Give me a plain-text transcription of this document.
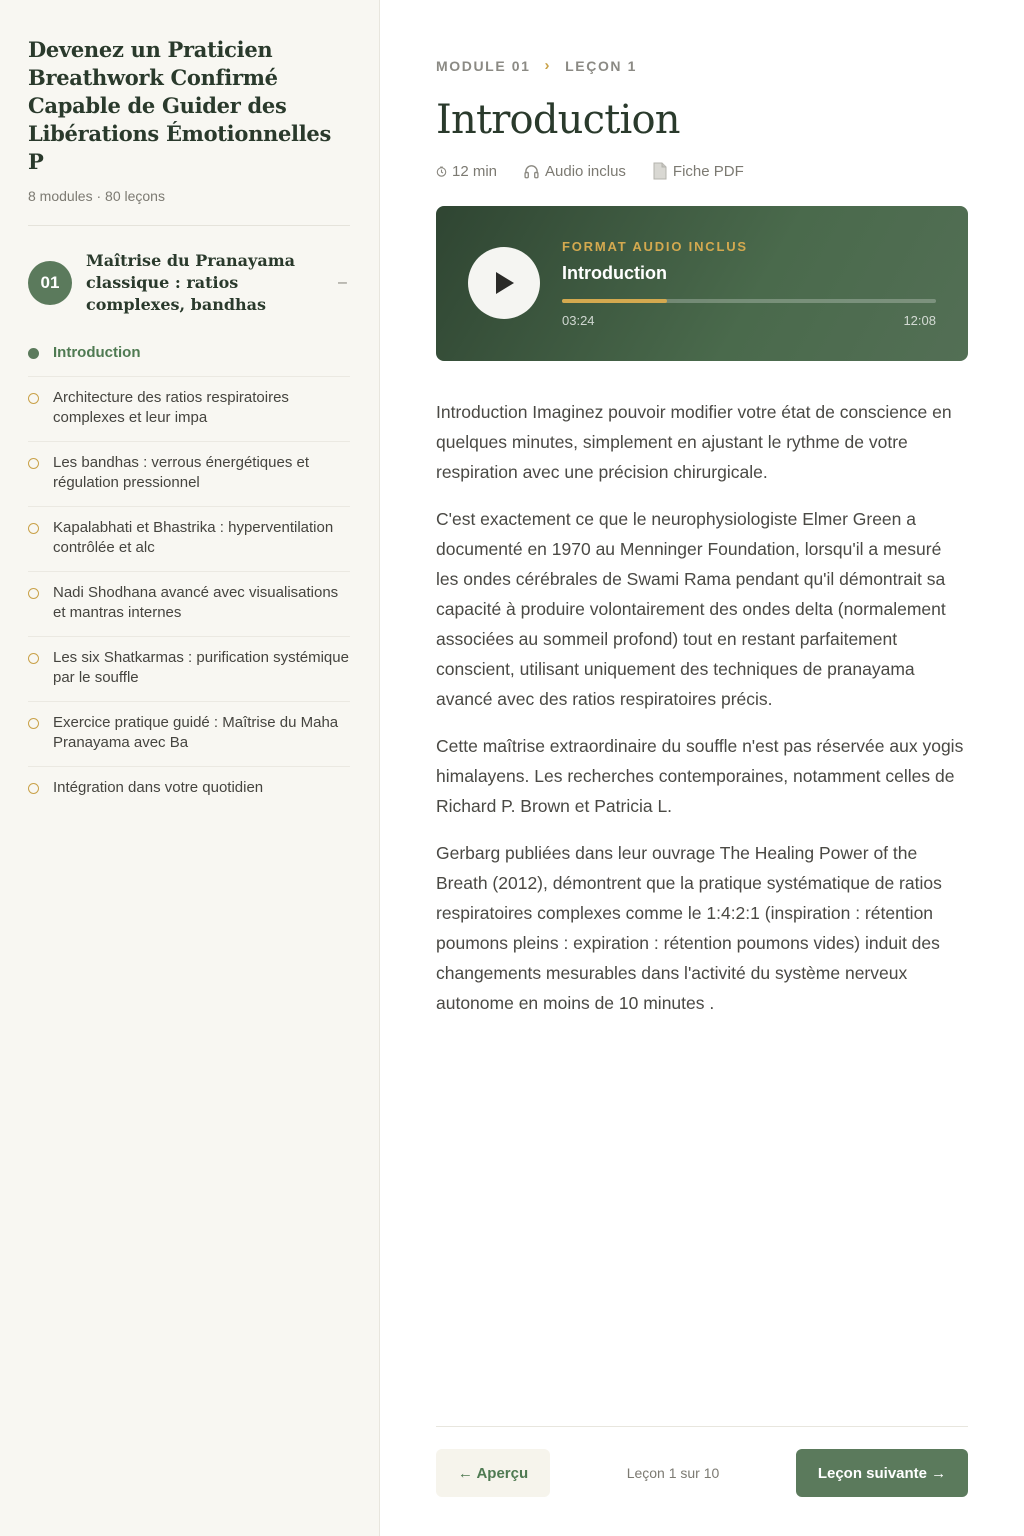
Devenez un Praticien Breathwork Confirmé Capable de Guider des Libérations Émotionnelles P
8 modules · 80 leçons
01
Maîtrise du Pranayama classique : ratios complexes, bandhas
–
Introduction
Architecture des ratios respiratoires complexes et leur impa
Les bandhas : verrous énergétiques et régulation pressionnel
Kapalabhati et Bhastrika : hyperventilation contrôlée et alc
Nadi Shodhana avancé avec visualisations et mantras internes
Les six Shatkarmas : purification systémique par le souffle
Exercice pratique guidé : Maîtrise du Maha Pranayama avec Ba
Intégration dans votre quotidien
MODULE 01 › LEÇON 1
Introduction
12 min	Audio inclus	Fiche PDF
FORMAT AUDIO INCLUS
Introduction
03:24	12:08

Introduction Imaginez pouvoir modifier votre état de conscience en quelques minutes, simplement en ajustant le rythme de votre respiration avec une précision chirurgicale.

C'est exactement ce que le neurophysiologiste Elmer Green a documenté en 1970 au Menninger Foundation, lorsqu'il a mesuré les ondes cérébrales de Swami Rama pendant qu'il démontrait sa capacité à produire volontairement des ondes delta (normalement associées au sommeil profond) tout en restant parfaitement conscient, utilisant uniquement des techniques de pranayama avancé avec des ratios respiratoires précis.

Cette maîtrise extraordinaire du souffle n'est pas réservée aux yogis himalayens. Les recherches contemporaines, notamment celles de Richard P. Brown et Patricia L.

Gerbarg publiées dans leur ouvrage The Healing Power of the Breath (2012), démontrent que la pratique systématique de ratios respiratoires complexes comme le 1:4:2:1 (inspiration : rétention poumons pleins : expiration : rétention poumons vides) induit des changements mesurables dans l'activité du système nerveux autonome en moins de 10 minutes .

← Aperçu	Leçon 1 sur 10	Leçon suivante →
